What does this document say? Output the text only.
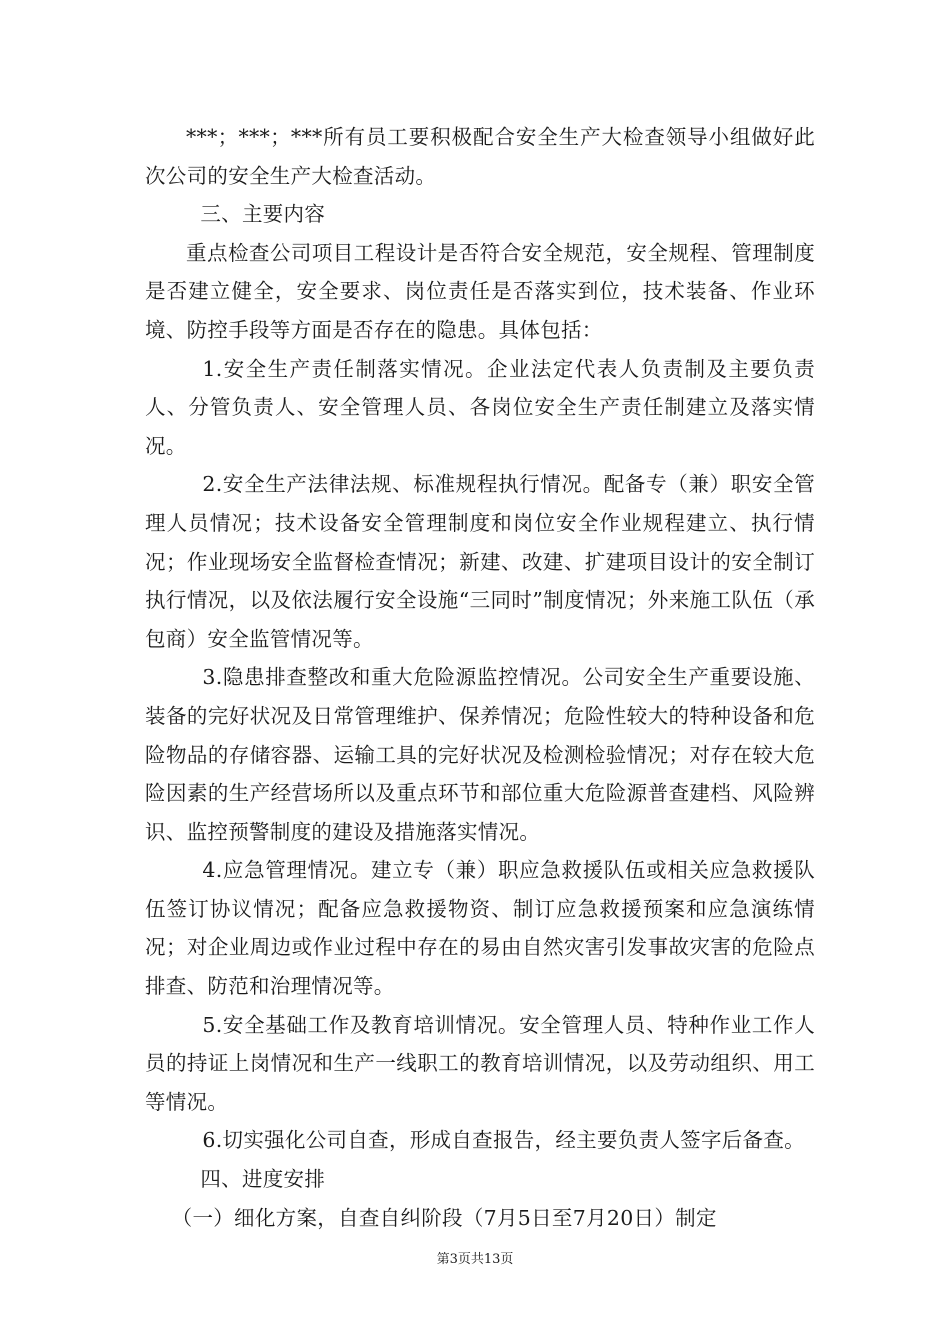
***；***；***所有员工要积极配合安全生产大检查领导小组做好此次公司的安全生产大检查活动。

三、主要内容

重点检查公司项目工程设计是否符合安全规范，安全规程、管理制度是否建立健全，安全要求、岗位责任是否落实到位，技术装备、作业环境、防控手段等方面是否存在的隐患。具体包括：

1.安全生产责任制落实情况。企业法定代表人负责制及主要负责人、分管负责人、安全管理人员、各岗位安全生产责任制建立及落实情况。

2.安全生产法律法规、标准规程执行情况。配备专（兼）职安全管理人员情况；技术设备安全管理制度和岗位安全作业规程建立、执行情况；作业现场安全监督检查情况；新建、改建、扩建项目设计的安全制订执行情况，以及依法履行安全设施“三同时”制度情况；外来施工队伍（承包商）安全监管情况等。

3.隐患排查整改和重大危险源监控情况。公司安全生产重要设施、装备的完好状况及日常管理维护、保养情况；危险性较大的特种设备和危险物品的存储容器、运输工具的完好状况及检测检验情况；对存在较大危险因素的生产经营场所以及重点环节和部位重大危险源普查建档、风险辨识、监控预警制度的建设及措施落实情况。

4.应急管理情况。建立专（兼）职应急救援队伍或相关应急救援队伍签订协议情况；配备应急救援物资、制订应急救援预案和应急演练情况；对企业周边或作业过程中存在的易由自然灾害引发事故灾害的危险点排查、防范和治理情况等。

5.安全基础工作及教育培训情况。安全管理人员、特种作业工作人员的持证上岗情况和生产一线职工的教育培训情况，以及劳动组织、用工等情况。

6.切实强化公司自查，形成自查报告，经主要负责人签字后备查。

四、进度安排

（一）细化方案，自查自纠阶段（7月5日至7月20日）制定

第3页共13页
